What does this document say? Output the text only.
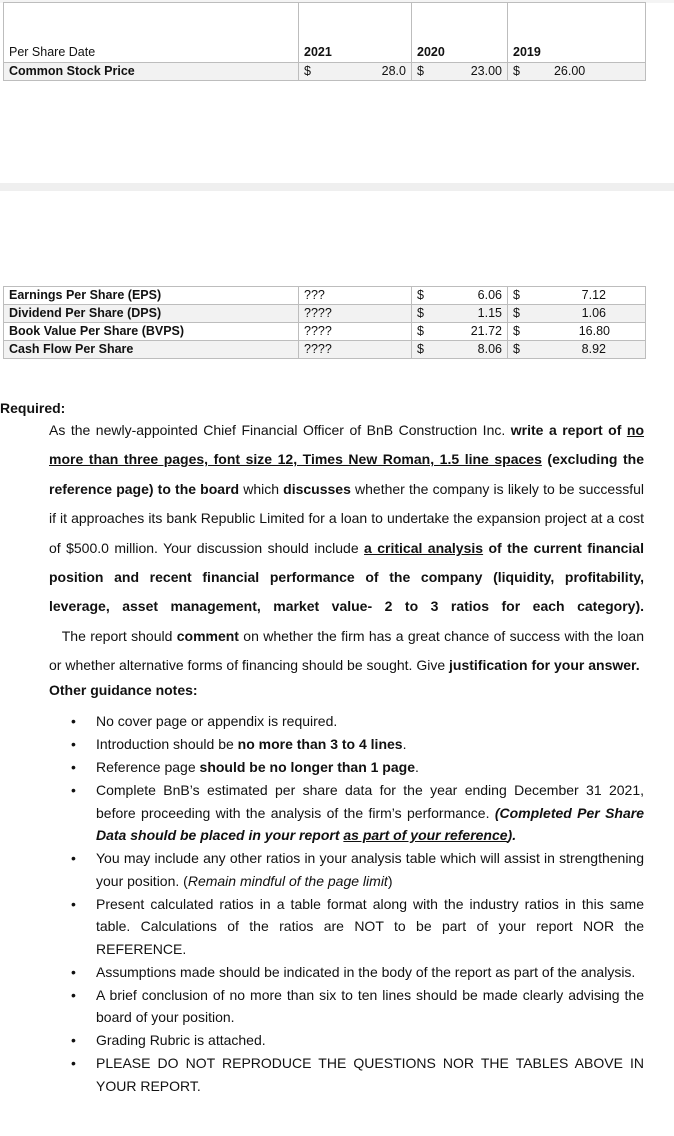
Per Share Date	2021	2020	2019
Common Stock Price	$ 28.0	$ 23.00	$ 26.00
Earnings Per Share (EPS)	???	$ 6.06	$ 7.12

Dividend Per Share (DPS)	????	$ 1.15	$ 1.06

Book Value Per Share (BVPS)	????	$ 21.72	$ 16.80

Cash Flow Per Share	????	$ 8.06	$ 8.92
Required:
As the newly-appointed Chief Financial Officer of BnB Construction Inc. write a report of no more than three pages, font size 12, Times New Roman, 1.5 line spaces (excluding the reference page) to the board which discusses whether the company is likely to be successful if it approaches its bank Republic Limited for a loan to undertake the expansion project at a cost of $500.0 million. Your discussion should include a critical analysis of the current financial position and recent financial performance of the company (liquidity, profitability, leverage, asset management, market value- 2 to 3 ratios for each category).   The report should comment on whether the firm has a great chance of success with the loan or whether alternative forms of financing should be sought. Give justification for your answer.
Other guidance notes:
• No cover page or appendix is required.
• Introduction should be no more than 3 to 4 lines.
• Reference page should be no longer than 1 page.
• Complete BnB’s estimated per share data for the year ending December 31 2021, before proceeding with the analysis of the firm’s performance. (Completed Per Share Data should be placed in your report as part of your reference).
• You may include any other ratios in your analysis table which will assist in strengthening your position. (Remain mindful of the page limit)
• Present calculated ratios in a table format along with the industry ratios in this same table. Calculations of the ratios are NOT to be part of your report NOR the REFERENCE.
• Assumptions made should be indicated in the body of the report as part of the analysis.
• A brief conclusion of no more than six to ten lines should be made clearly advising the board of your position.
• Grading Rubric is attached.
• PLEASE DO NOT REPRODUCE THE QUESTIONS NOR THE TABLES ABOVE IN YOUR REPORT.
